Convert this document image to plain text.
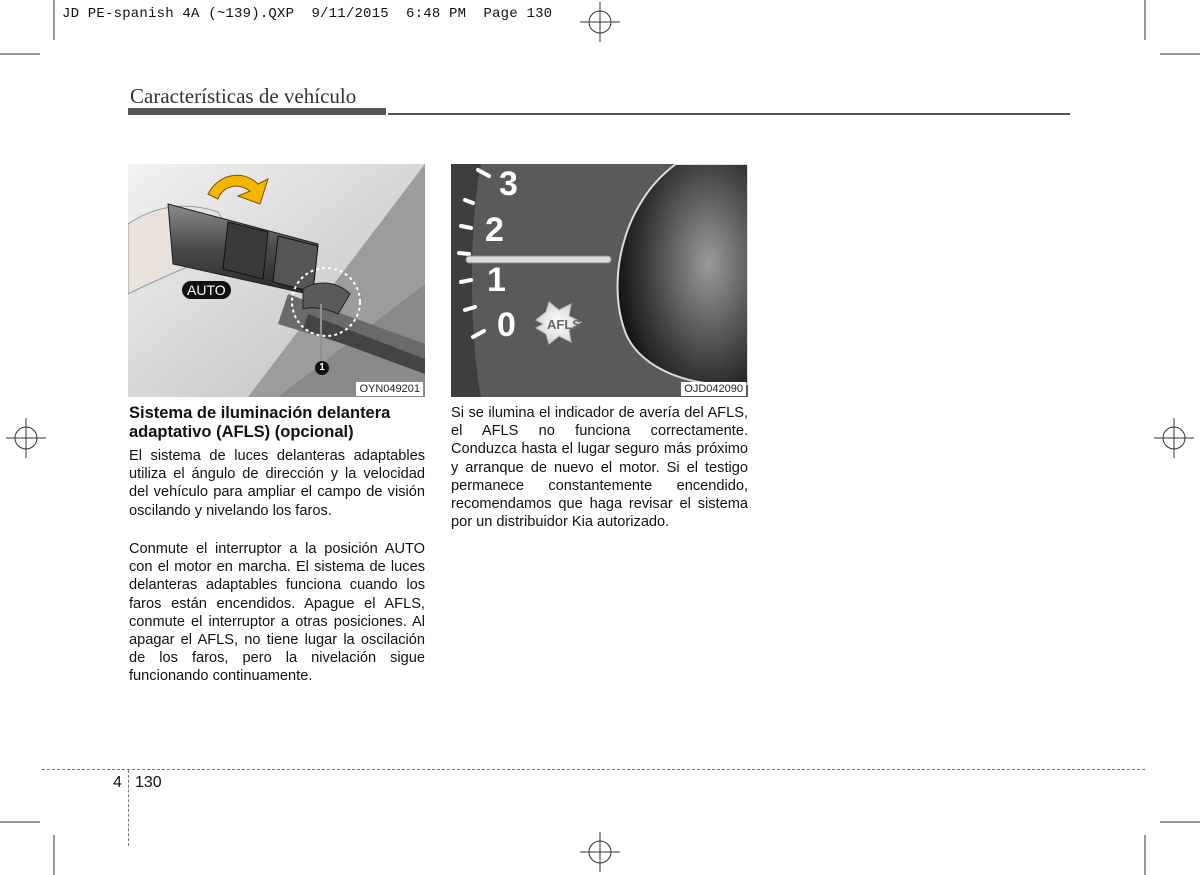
JD PE-spanish 4A (~139).QXP  9/11/2015  6:48 PM  Page 130
Características de vehículo
AUTO
1
OYN049201
3
2
1
0 AFLS
OJD042090
Sistema de iluminación delantera adaptativo (AFLS) (opcional)

El sistema de luces delanteras adaptables utiliza el ángulo de dirección y la velocidad del vehículo para ampliar el campo de visión oscilando y nivelando los faros.

Conmute el interruptor a la posición AUTO con el motor en marcha. El sistema de luces delanteras adaptables funciona cuando los faros están encendidos. Apague el AFLS, conmute el interruptor a otras posiciones. Al apagar el AFLS, no tiene lugar la oscilación de los faros, pero la nivelación sigue funcionando continuamente.

Si se ilumina el indicador de avería del AFLS, el AFLS no funciona correctamente. Conduzca hasta el lugar seguro más próximo y arranque de nuevo el motor. Si el testigo permanece constantemente encendido, recomendamos que haga revisar el sistema por un distribuidor Kia autorizado.

4 130
